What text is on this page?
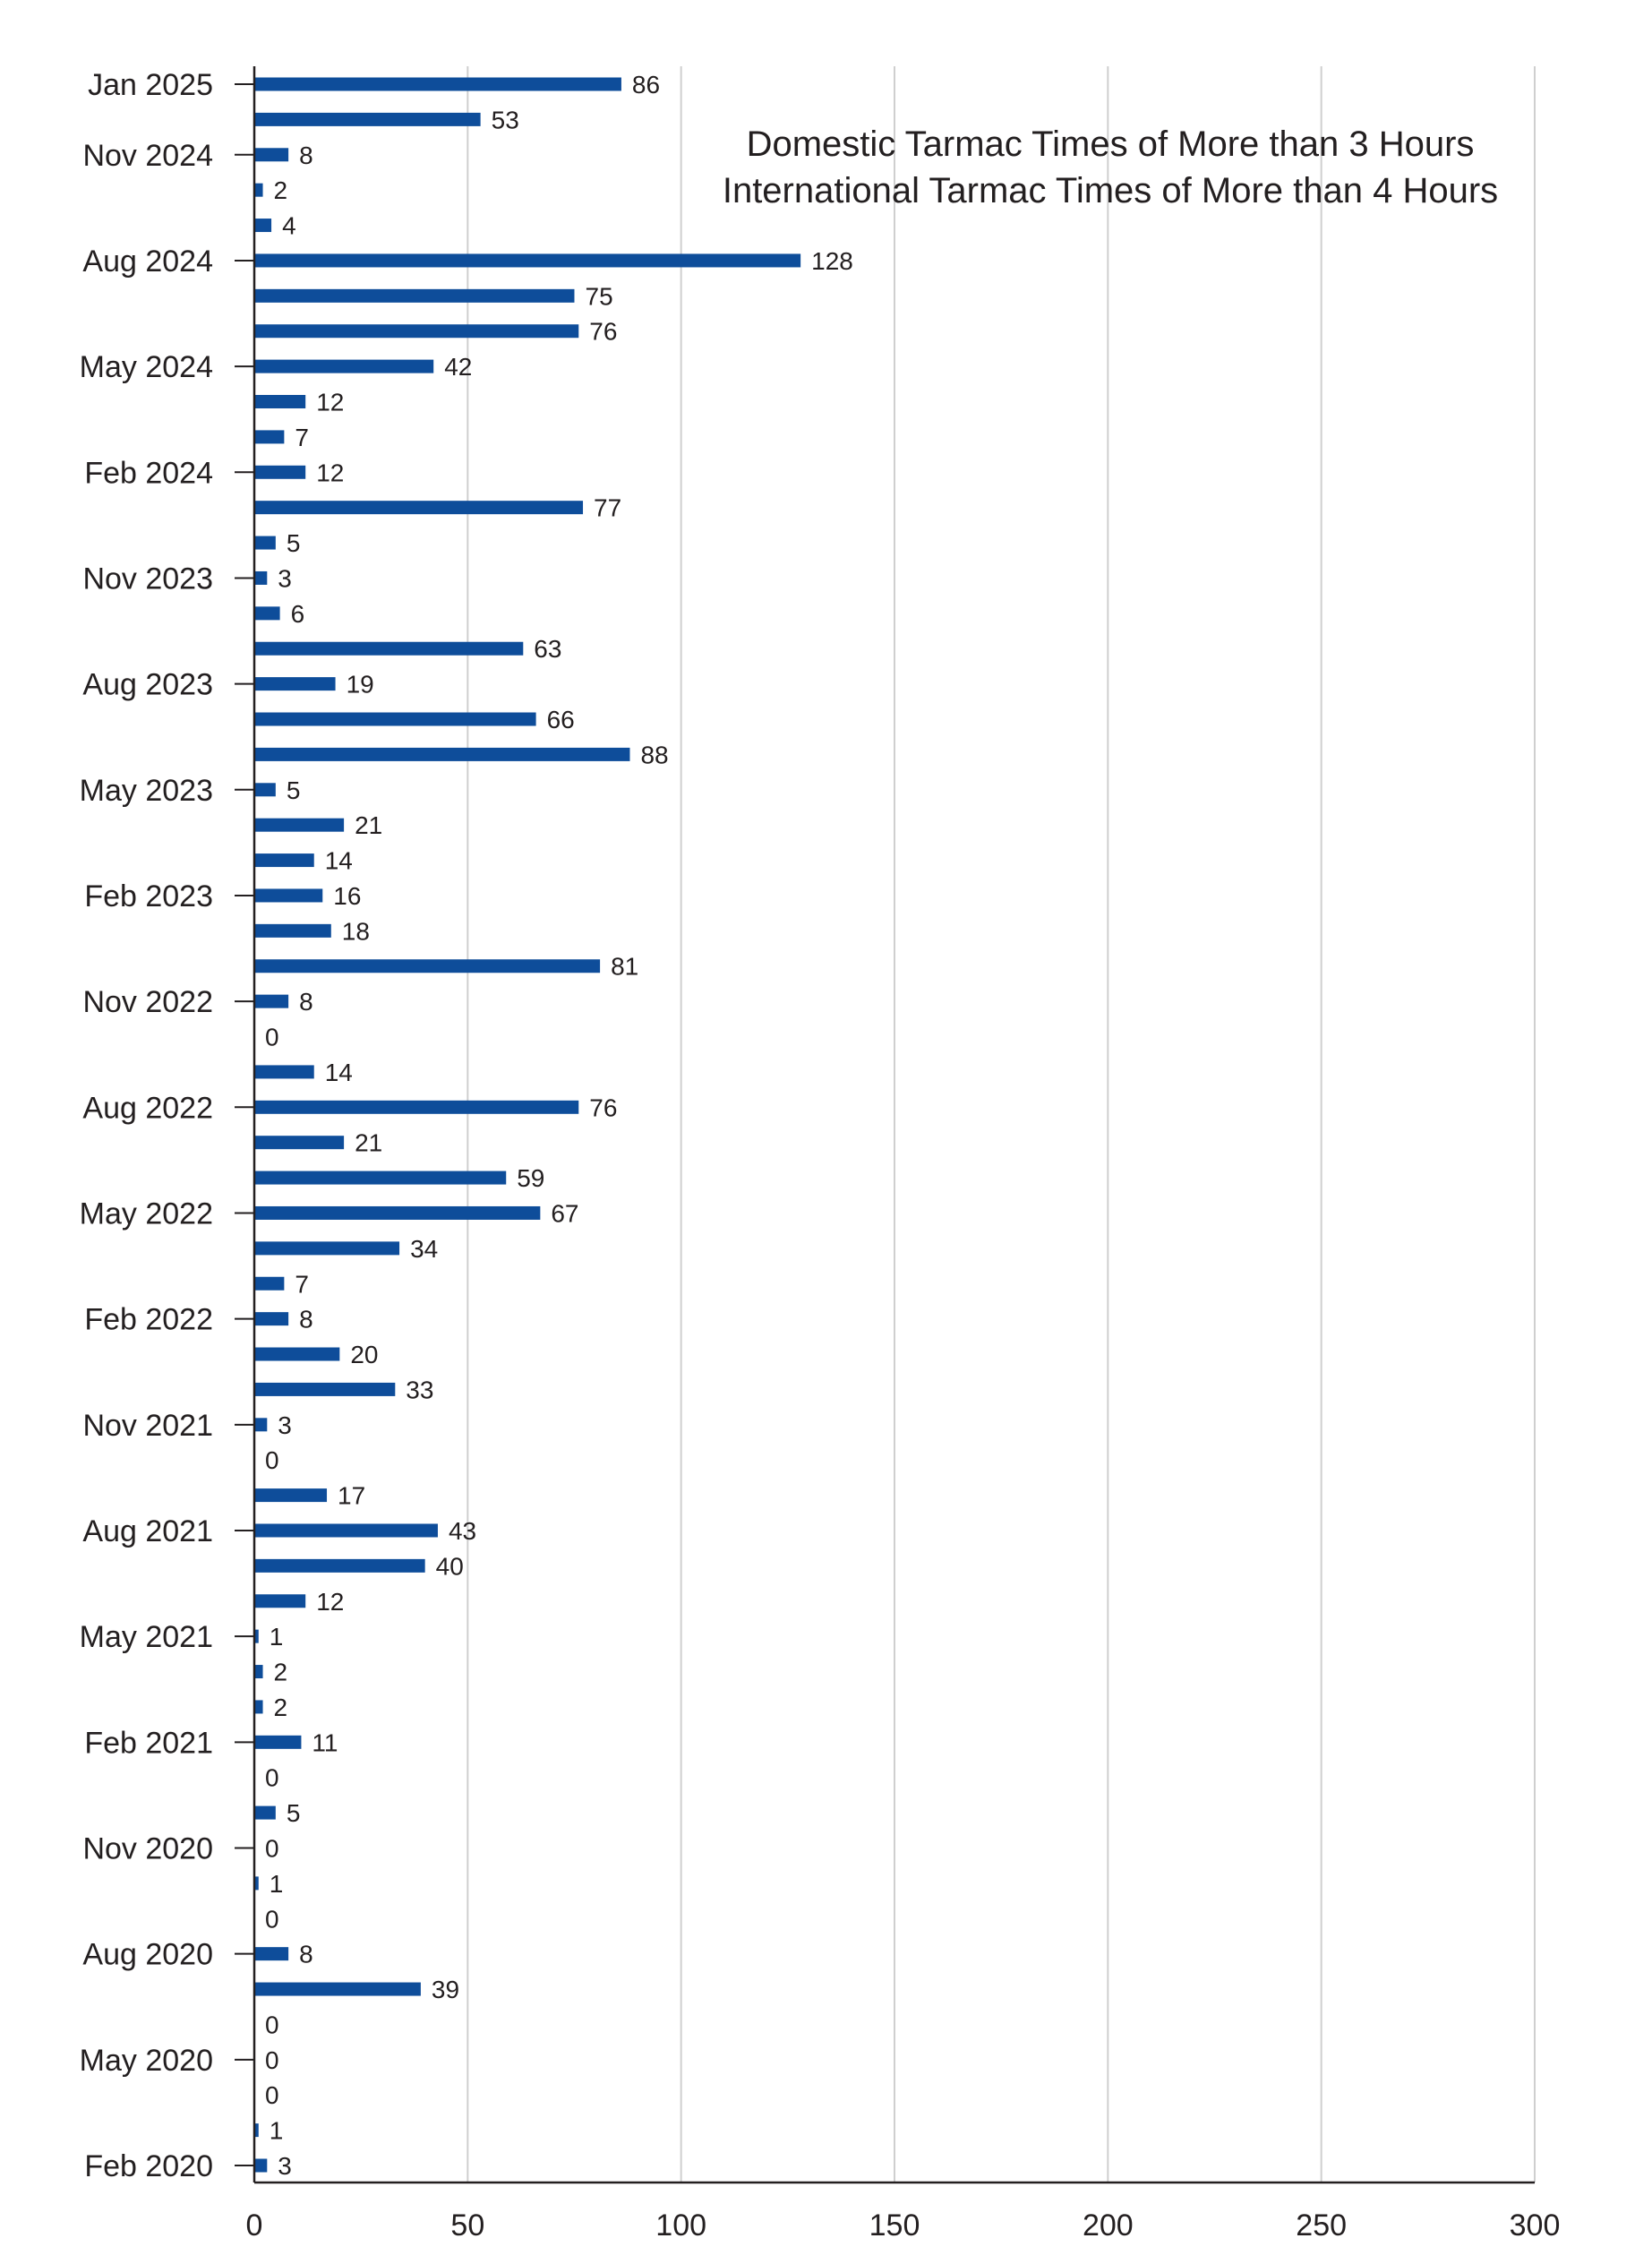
0	50	100	150	200	250	300
Jan 2025
Nov 2024
Aug 2024
May 2024
Feb 2024
Nov 2023
Aug 2023
May 2023
Feb 2023
Nov 2022
Aug 2022
May 2022
Feb 2022
Nov 2021
Aug 2021
May 2021
Feb 2021
Nov 2020
Aug 2020
May 2020
Feb 2020
86
53
8
2
4
128
75
76
42
12
7
12
77
5
3
6
63
19
66
88
5
21
14
16
18
81
8
0
14
76
21
59
67
34
7
8
20
33
3
0
17
43
40
12
1
2
2
11
0
5
0
1
0
8
39
0
0
0
1
3
Domestic Tarmac Times of More than 3 Hours
International Tarmac Times of More than 4 Hours
